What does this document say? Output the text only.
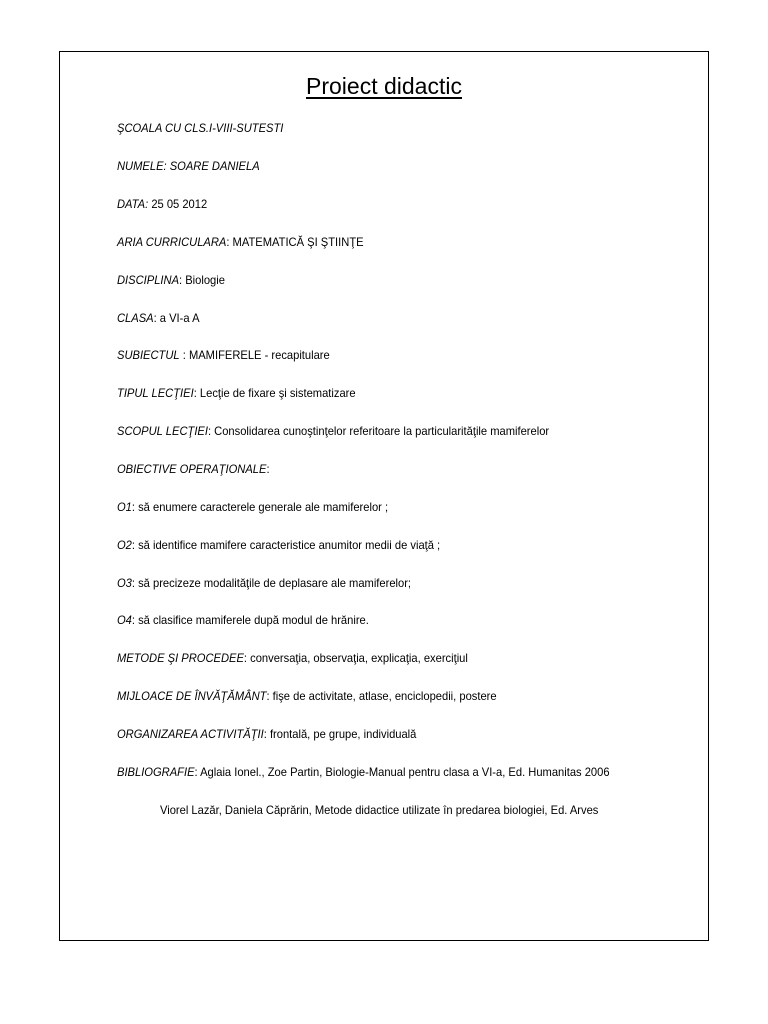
Proiect didactic
ŞCOALA CU CLS.I-VIII-SUTESTI
NUMELE: SOARE DANIELA
DATA: 25 05 2012
ARIA CURRICULARA: MATEMATICĂ ŞI ŞTIINŢE
DISCIPLINA: Biologie
CLASA: a VI-a A
SUBIECTUL : MAMIFERELE - recapitulare
TIPUL LECŢIEI: Lecţie de fixare şi sistematizare
SCOPUL LECŢIEI: Consolidarea cunoştinţelor referitoare la particularităţile mamiferelor
OBIECTIVE OPERAŢIONALE:
O1: să enumere caracterele generale ale mamiferelor ;
O2: să identifice mamifere caracteristice anumitor medii de viaţă ;
O3: să precizeze modalităţile de deplasare ale mamiferelor;
O4: să clasifice mamiferele după modul de hrănire.
METODE ŞI PROCEDEE: conversaţia, observaţia, explicaţia, exerciţiul
MIJLOACE DE ÎNVĂŢĂMÂNT: fişe de activitate, atlase, enciclopedii, postere
ORGANIZAREA ACTIVITĂŢII: frontală, pe grupe, individuală
BIBLIOGRAFIE: Aglaia Ionel., Zoe Partin, Biologie-Manual pentru clasa a VI-a, Ed. Humanitas 2006
Viorel Lazăr, Daniela Căprărin, Metode didactice utilizate în predarea biologiei, Ed. Arves
